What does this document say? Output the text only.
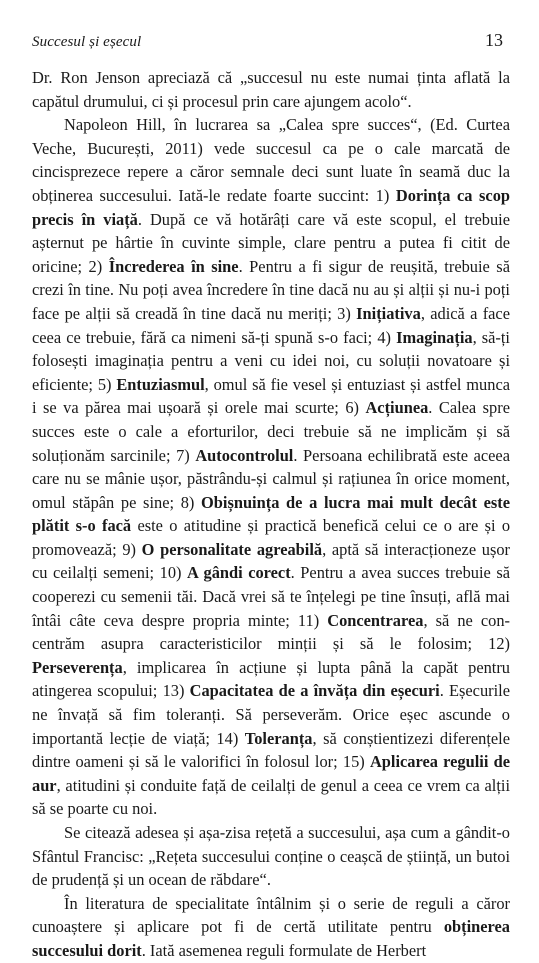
Succesul și eșecul	13

Dr. Ron Jenson apreciază că „succesul nu este numai ținta aflată la capătul drumului, ci și procesul prin care ajungem acolo“.

Napoleon Hill, în lucrarea sa „Calea spre succes“, (Ed. Curtea Veche, București, 2011) vede succesul ca pe o cale marcată de cincisprezece repere a căror semnale deci sunt luate în seamă duc la obținerea succesului. Iată-le redate foarte succint: 1) Dorința ca scop precis în viață. După ce vă hotărâți care vă este scopul, el trebuie așternut pe hârtie în cuvinte simple, clare pentru a putea fi citit de oricine; 2) Încrederea în sine. Pentru a fi sigur de reușită, trebuie să crezi în tine. Nu poți avea încredere în tine dacă nu au și alții și nu-i poți face pe alții să creadă în tine dacă nu meriți; 3) Inițiativa, adică a face ceea ce trebuie, fără ca nimeni să-ți spună s-o faci; 4) Imaginația, să-ți folosești imaginația pentru a veni cu idei noi, cu soluții novatoare și eficiente; 5) Entuziasmul, omul să fie vesel și entuziast și astfel munca i se va părea mai ușoară și orele mai scurte; 6) Acțiunea. Calea spre succes este o cale a eforturilor, deci trebuie să ne implicăm și să soluționăm sarcinile; 7) Autocontrolul. Persoana echilibrată este aceea care nu se mânie ușor, păstrându-și calmul și rațiunea în orice moment, omul stăpân pe sine; 8) Obișnuința de a lucra mai mult decât este plătit s-o facă este o atitudine și practică benefică celui ce o are și o promovează; 9) O personalitate agreabilă, aptă să interacționeze ușor cu ceilalți semeni; 10) A gândi corect. Pentru a avea succes trebuie să cooperezi cu semenii tăi. Dacă vrei să te înțelegi pe tine însuți, află mai întâi câte ceva despre propria minte; 11) Concentrarea, să ne concentrăm asupra caracteristicilor minții și să le folosim; 12) Perseverența, implicarea în acțiune și lupta până la capăt pentru atingerea scopului; 13) Capacitatea de a învăța din eșecuri. Eșecurile ne învață să fim toleranți. Să perseverăm. Orice eșec ascunde o importantă lecție de viață; 14) Toleranța, să conștientizezi diferențele dintre oameni și să le valorifici în folosul lor; 15) Aplicarea regulii de aur, atitudini și conduite față de ceilalți de genul a ceea ce vrem ca alții să se poarte cu noi.

Se citează adesea și așa-zisa rețetă a succesului, așa cum a gândit-o Sfântul Francisc: „Rețeta succesului conține o ceașcă de știință, un butoi de prudență și un ocean de răbdare“.

În literatura de specialitate întâlnim și o serie de reguli a căror cunoaștere și aplicare pot fi de certă utilitate pentru obținerea succesului dorit. Iată asemenea reguli formulate de Herbert
